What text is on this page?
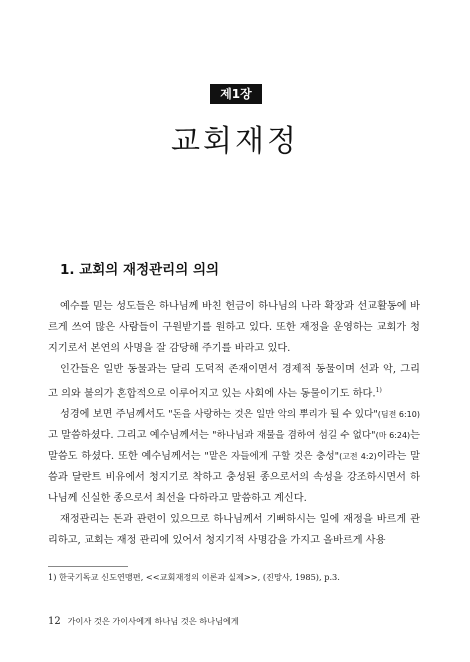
제1장
교회재정
1. 교회의 재정관리의 의의

예수를 믿는 성도들은 하나님께 바친 헌금이 하나님의 나라 확장과 선교활동에 바르게 쓰여 많은 사람들이 구원받기를 원하고 있다. 또한 재정을 운영하는 교회가 청지기로서 본연의 사명을 잘 감당해 주기를 바라고 있다.

인간들은 일반 동물과는 달리 도덕적 존재이면서 경제적 동물이며 선과 악, 그리고 의와 불의가 혼합적으로 이루어지고 있는 사회에 사는 동물이기도 하다.$^{1)}$

성경에 보면 주님께서도 "돈을 사랑하는 것은 일만 악의 뿌리가 될 수 있다"(딤전 6:10)고 말씀하셨다. 그리고 예수님께서는 "하나님과 재물을 겸하여 섬길 수 없다"(마 6:24)는 말씀도 하셨다. 또한 예수님께서는 "맡은 자들에게 구할 것은 충성"(고전 4:2)이라는 말씀과 달란트 비유에서 청지기로 착하고 충성된 종으로서의 속성을 강조하시면서 하나님께 신실한 종으로서 최선을 다하라고 말씀하고 계신다.

재정관리는 돈과 관련이 있으므로 하나님께서 기뻐하시는 일에 재정을 바르게 관리하고, 교회는 재정 관리에 있어서 청지기적 사명감을 가지고 올바르게 사용

1) 한국기독교 신도연맹편, <<교회재정의 이론과 실제>>, (진망사, 1985), p.3.
12 가이사 것은 가이사에게 하나님 것은 하나님에게
